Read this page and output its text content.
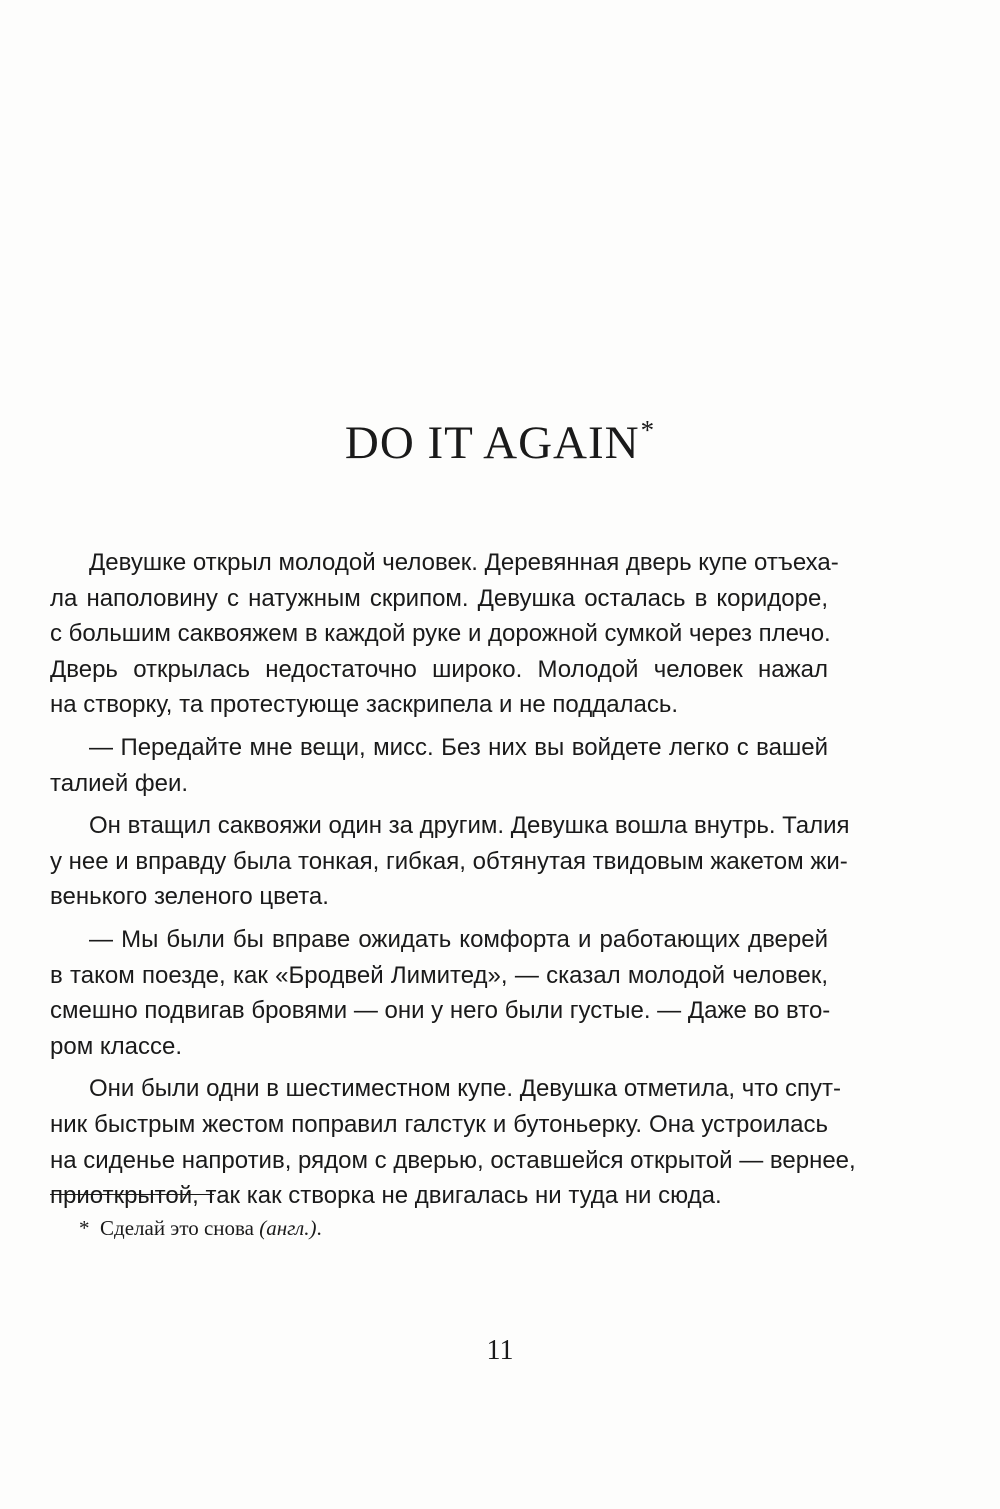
DO IT AGAIN*

Девушке открыл молодой человек. Деревянная дверь купе отъеха-
ла наполовину с натужным скрипом. Девушка осталась в коридоре,
с большим саквояжем в каждой руке и дорожной сумкой через плечо.
Дверь открылась недостаточно широко. Молодой человек нажал
на створку, та протестующе заскрипела и не поддалась.

— Передайте мне вещи, мисс. Без них вы войдете легко с вашей
талией феи.

Он втащил саквояжи один за другим. Девушка вошла внутрь. Талия
у нее и вправду была тонкая, гибкая, обтянутая твидовым жакетом жи-
венького зеленого цвета.

— Мы были бы вправе ожидать комфорта и работающих дверей
в таком поезде, как «Бродвей Лимитед», — сказал молодой человек,
смешно подвигав бровями — они у него были густые. — Даже во вто-
ром классе.

Они были одни в шестиместном купе. Девушка отметила, что спут-
ник быстрым жестом поправил галстук и бутоньерку. Она устроилась
на сиденье напротив, рядом с дверью, оставшейся открытой — вернее,
приоткрытой, так как створка не двигалась ни туда ни сюда.

* Сделай это снова (англ.).
11
